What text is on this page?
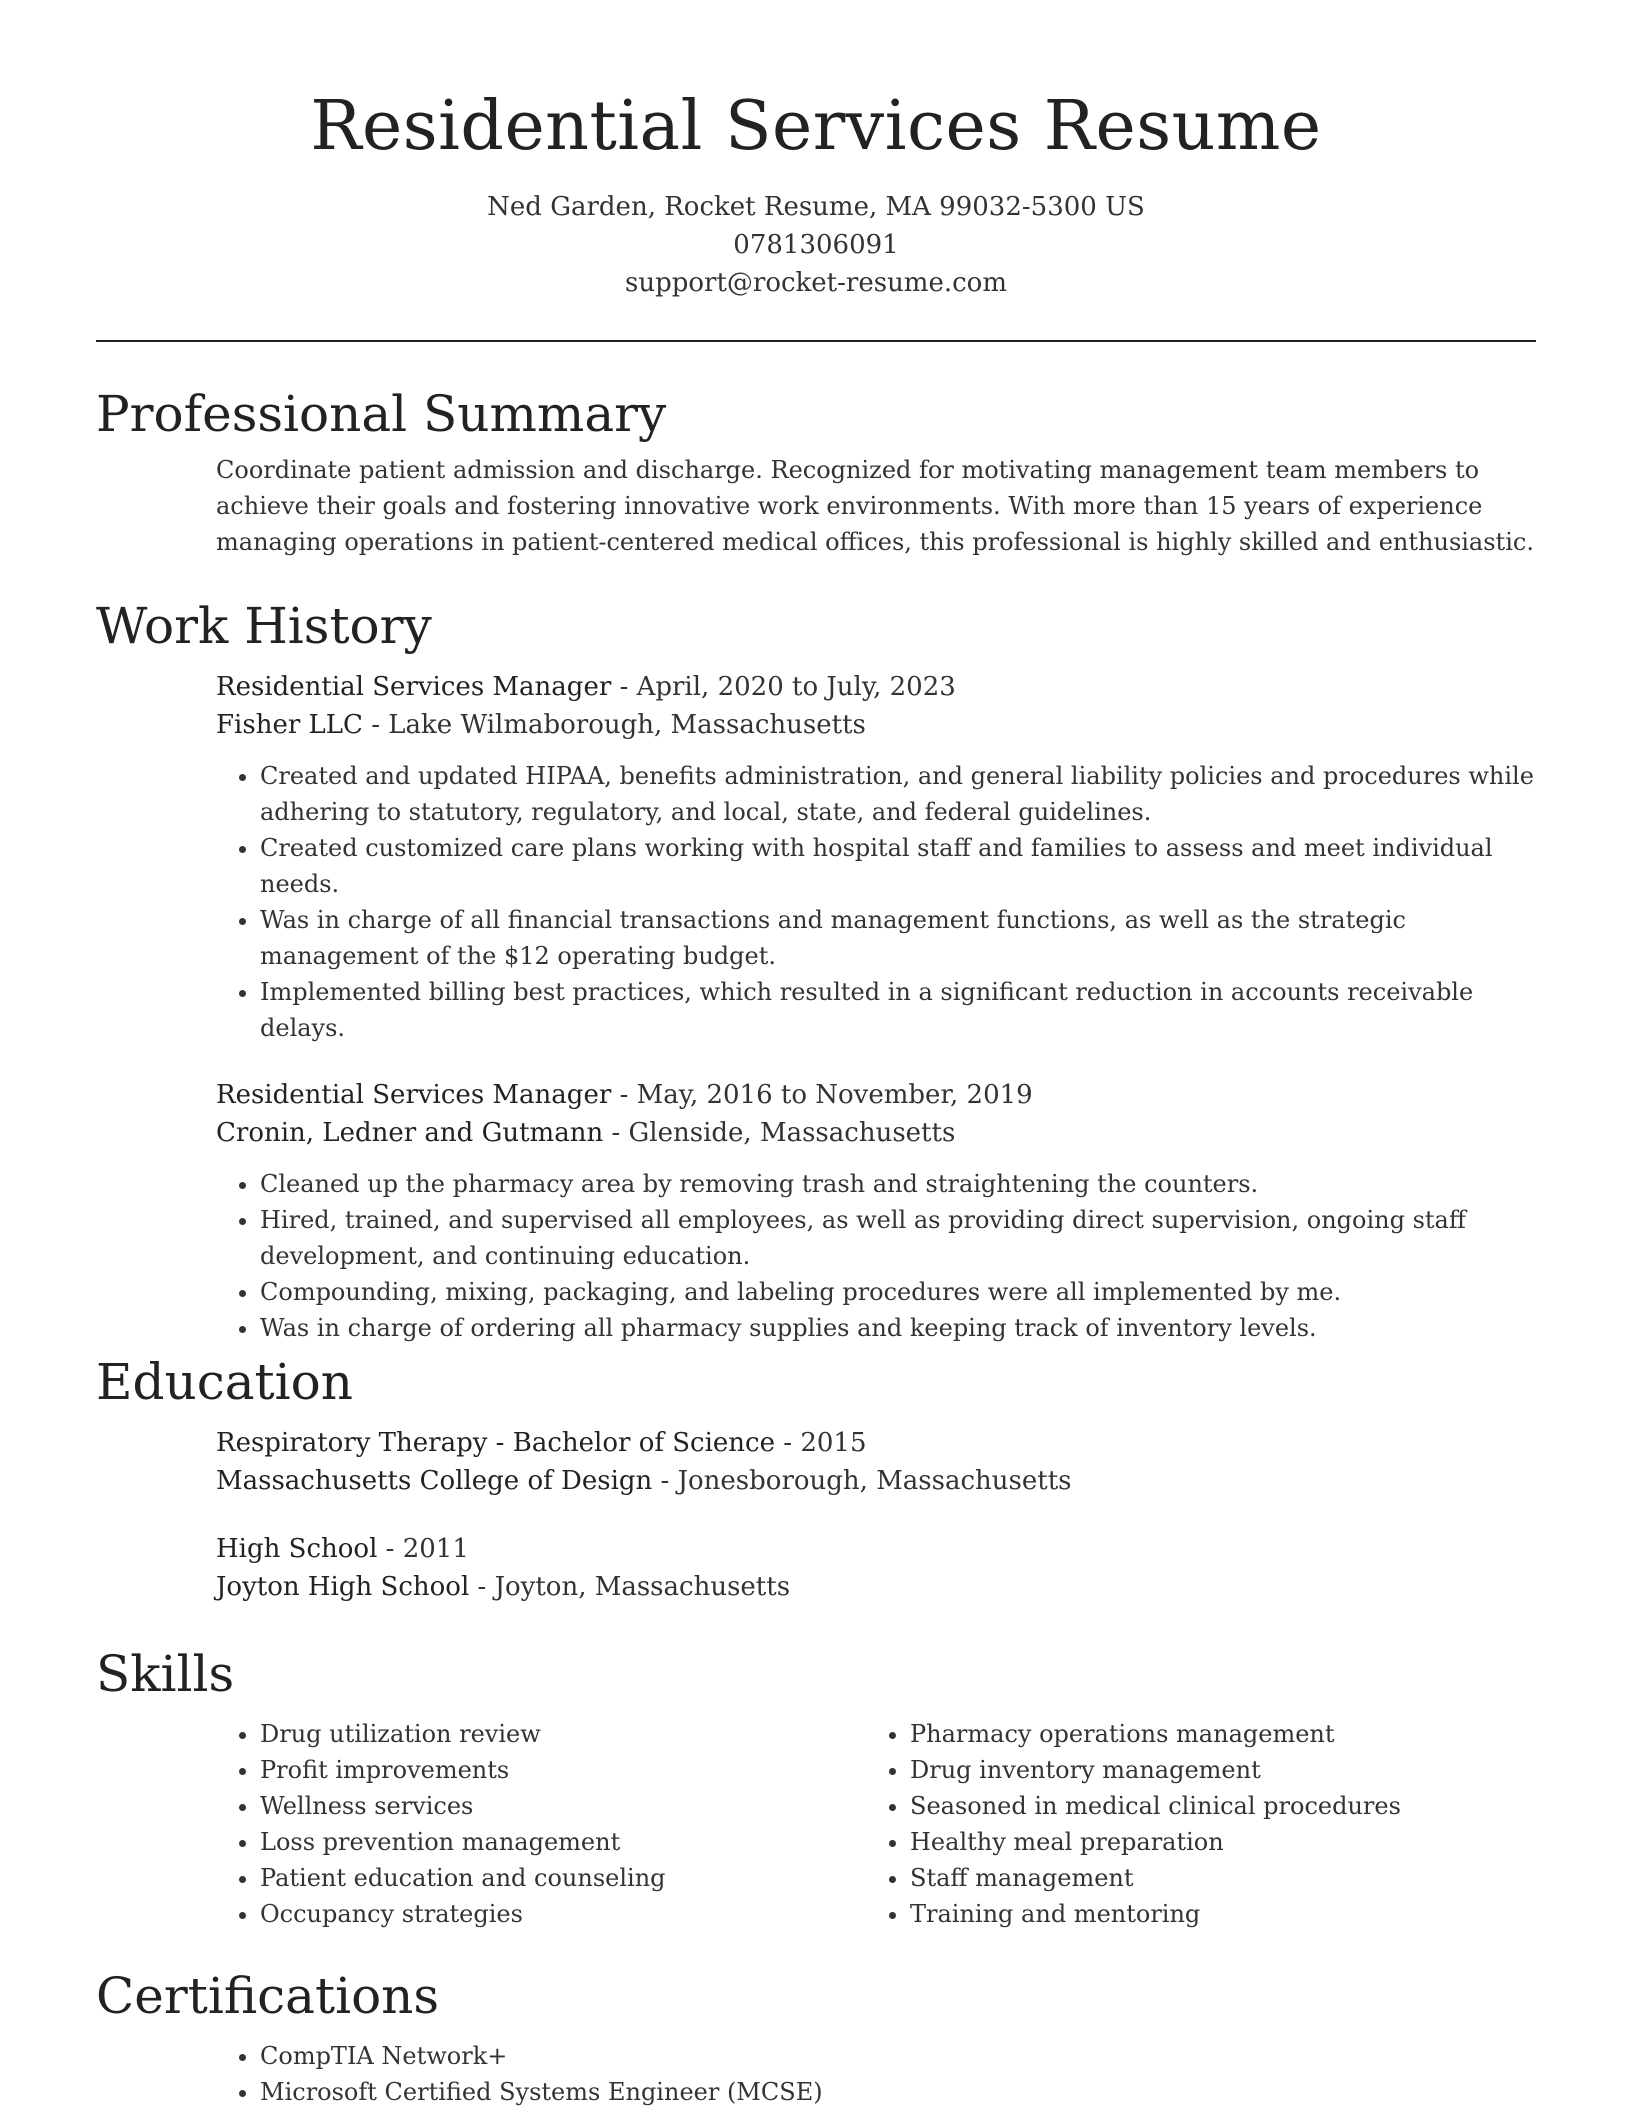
Residential Services Resume
Ned Garden, Rocket Resume, MA 99032-5300 US
0781306091
support@rocket-resume.com
Professional Summary

Coordinate patient admission and discharge. Recognized for motivating management team members to achieve their goals and fostering innovative work environments. With more than 15 years of experience managing operations in patient-centered medical offices, this professional is highly skilled and enthusiastic.

Work History
Residential Services Manager - April, 2020 to July, 2023
Fisher LLC - Lake Wilmaborough, Massachusetts
• Created and updated HIPAA, benefits administration, and general liability policies and procedures while adhering to statutory, regulatory, and local, state, and federal guidelines.
• Created customized care plans working with hospital staff and families to assess and meet individual needs.
• Was in charge of all financial transactions and management functions, as well as the strategic management of the $12 operating budget.
• Implemented billing best practices, which resulted in a significant reduction in accounts receivable delays.
Residential Services Manager - May, 2016 to November, 2019
Cronin, Ledner and Gutmann - Glenside, Massachusetts
• Cleaned up the pharmacy area by removing trash and straightening the counters.
• Hired, trained, and supervised all employees, as well as providing direct supervision, ongoing staff development, and continuing education.
• Compounding, mixing, packaging, and labeling procedures were all implemented by me.
• Was in charge of ordering all pharmacy supplies and keeping track of inventory levels.
Education
Respiratory Therapy - Bachelor of Science - 2015
Massachusetts College of Design - Jonesborough, Massachusetts
High School - 2011
Joyton High School - Joyton, Massachusetts
Skills
• Drug utilization review
• Profit improvements
• Wellness services
• Loss prevention management
• Patient education and counseling
• Occupancy strategies
• Pharmacy operations management
• Drug inventory management
• Seasoned in medical clinical procedures
• Healthy meal preparation
• Staff management
• Training and mentoring
Certifications
• CompTIA Network+
• Microsoft Certified Systems Engineer (MCSE)
